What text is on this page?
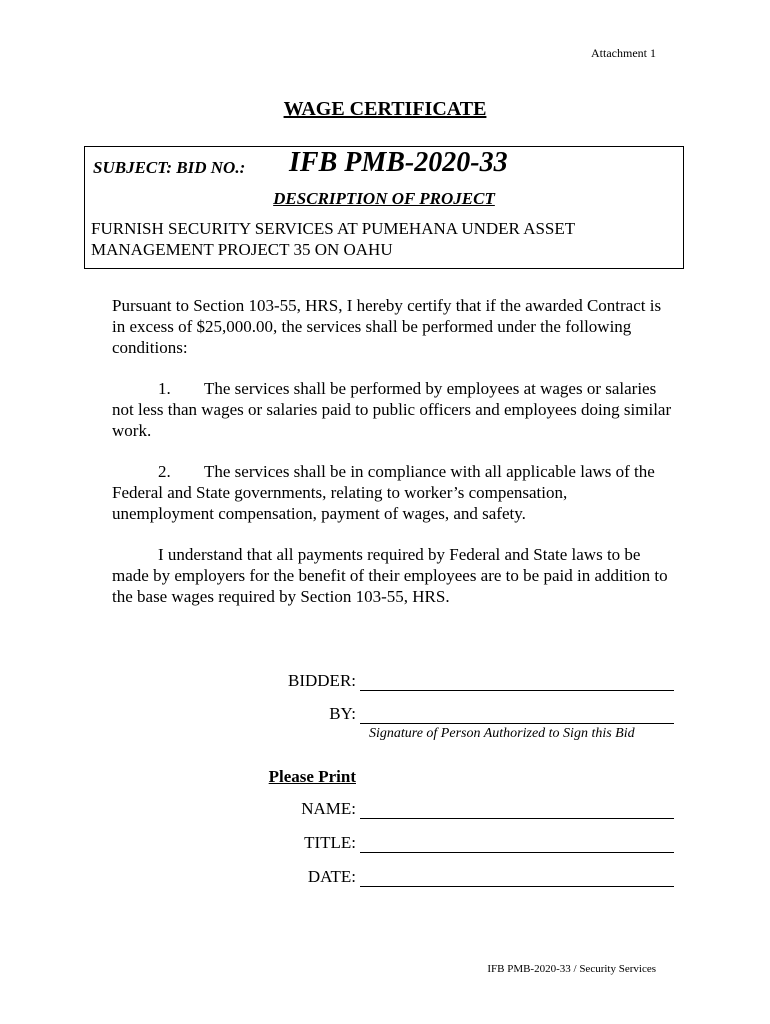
Attachment 1
WAGE CERTIFICATE
SUBJECT: BID NO.: IFB PMB-2020-33
DESCRIPTION OF PROJECT
FURNISH SECURITY SERVICES AT PUMEHANA UNDER ASSET MANAGEMENT PROJECT 35 ON OAHU
Pursuant to Section 103-55, HRS, I hereby certify that if the awarded Contract is in excess of $25,000.00, the services shall be performed under the following conditions:
1. The services shall be performed by employees at wages or salaries not less than wages or salaries paid to public officers and employees doing similar work.
2. The services shall be in compliance with all applicable laws of the Federal and State governments, relating to worker’s compensation, unemployment compensation, payment of wages, and safety.
I understand that all payments required by Federal and State laws to be made by employers for the benefit of their employees are to be paid in addition to the base wages required by Section 103-55, HRS.
BIDDER:
BY:
Signature of Person Authorized to Sign this Bid
Please Print
NAME:
TITLE:
DATE:
IFB PMB-2020-33 / Security Services
